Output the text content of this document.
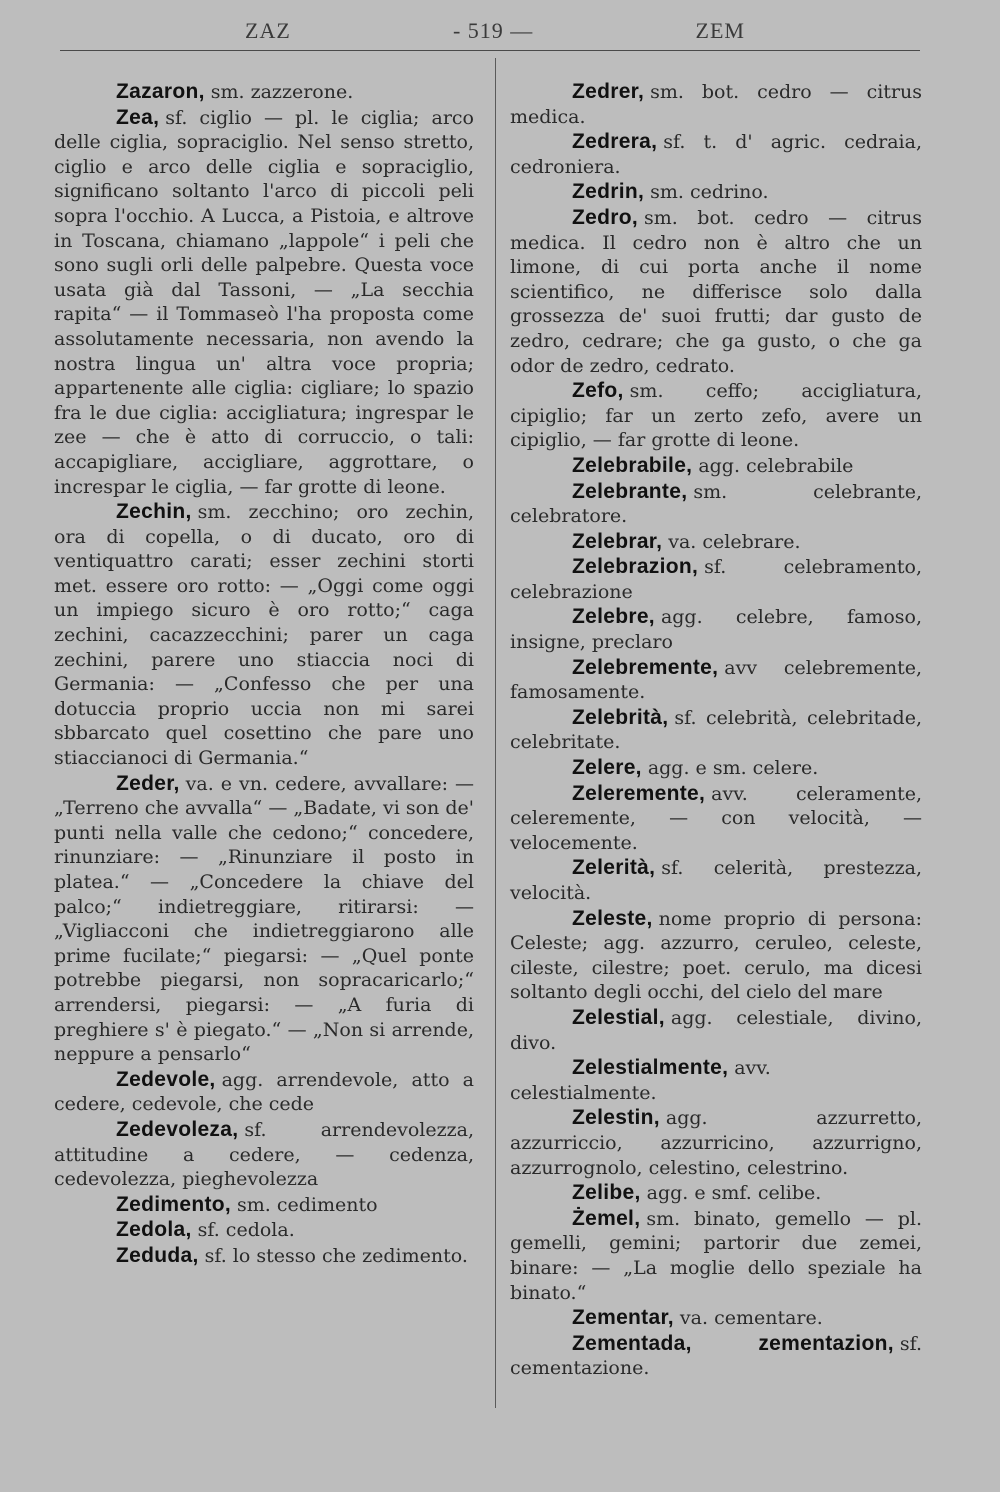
ZAZ	- 519 —	ZEM

Zazaron, sm. zazzerone.

Zea, sf. ciglio — pl. le ciglia; arco delle ciglia, sopraciglio. Nel senso stretto, ciglio e arco delle ciglia e sopraciglio, significano soltanto l'arco di piccoli peli sopra l'occhio. A Lucca, a Pistoia, e altrove in Toscana, chiamano „lappole“ i peli che sono sugli orli delle palpebre. Questa voce usata già dal Tassoni, — „La secchia rapita“ — il Tommaseò l'ha proposta come assolutamente necessaria, non avendo la nostra lingua un' altra voce propria; appartenente alle ciglia: cigliare; lo spazio fra le due ciglia: accigliatura; ingrespar le zee — che è atto di corruccio, o tali: accapigliare, accigliare, aggrottare, o increspar le ciglia, — far grotte di leone.

Zechin, sm. zecchino; oro zechin, ora di copella, o di ducato, oro di ventiquattro carati; esser zechini storti met. essere oro rotto: — „Oggi come oggi un impiego sicuro è oro rotto;“ caga zechini, cacazzecchini; parer un caga zechini, parere uno stiaccia noci di Germania: — „Confesso che per una dotuccia proprio uccia non mi sarei sbbarcato quel cosettino che pare uno stiaccianoci di Germania.“

Zeder, va. e vn. cedere, avvallare: — „Terreno che avvalla“ — „Badate, vi son de' punti nella valle che cedono;“ concedere, rinunziare: — „Rinunziare il posto in platea.“ — „Concedere la chiave del palco;“ indietreggiare, ritirarsi: — „Vigliacconi che indietreggiarono alle prime fucilate;“ piegarsi: — „Quel ponte potrebbe piegarsi, non sopracaricarlo;“ arrendersi, piegarsi: — „A furia di preghiere s' è piegato.“ — „Non si arrende, neppure a pensarlo“

Zedevole, agg. arrendevole, atto a cedere, cedevole, che cede

Zedevoleza, sf. arrendevolezza, attitudine a cedere, — cedenza, cedevolezza, pieghevolezza

Zedimento, sm. cedimento

Zedola, sf. cedola.

Zeduda, sf. lo stesso che zedimento.

Zedrer, sm. bot. cedro — citrus medica.

Zedrera, sf. t. d' agric. cedraia, cedroniera.

Zedrin, sm. cedrino.

Zedro, sm. bot. cedro — citrus medica. Il cedro non è altro che un limone, di cui porta anche il nome scientifico, ne differisce solo dalla grossezza de' suoi frutti; dar gusto de zedro, cedrare; che ga gusto, o che ga odor de zedro, cedrato.

Zefo, sm. ceffo; accigliatura, cipiglio; far un zerto zefo, avere un cipiglio, — far grotte di leone.

Zelebrabile, agg. celebrabile

Zelebrante, sm. celebrante, celebratore.

Zelebrar, va. celebrare.

Zelebrazion, sf. celebramento, celebrazione

Zelebre, agg. celebre, famoso, insigne, preclaro

Zelebremente, avv celebremente, famosamente.

Zelebrità, sf. celebrità, celebritade, celebritate.

Zelere, agg. e sm. celere.

Zeleremente, avv. celeramente, celeremente, — con velocità, — velocemente.

Zelerità, sf. celerità, prestezza, velocità.

Zeleste, nome proprio di persona: Celeste; agg. azzurro, ceruleo, celeste, cileste, cilestre; poet. cerulo, ma dicesi soltanto degli occhi, del cielo del mare

Zelestial, agg. celestiale, divino, divo.

Zelestialmente, avv. celestialmente.

Zelestin, agg. azzurretto, azzurriccio, azzurricino, azzurrigno, azzurrognolo, celestino, celestrino.

Zelibe, agg. e smf. celibe.

Żemel, sm. binato, gemello — pl. gemelli, gemini; partorir due zemei, binare: — „La moglie dello speziale ha binato.“

Zementar, va. cementare.

Zementada, zementazion, sf. cementazione.
